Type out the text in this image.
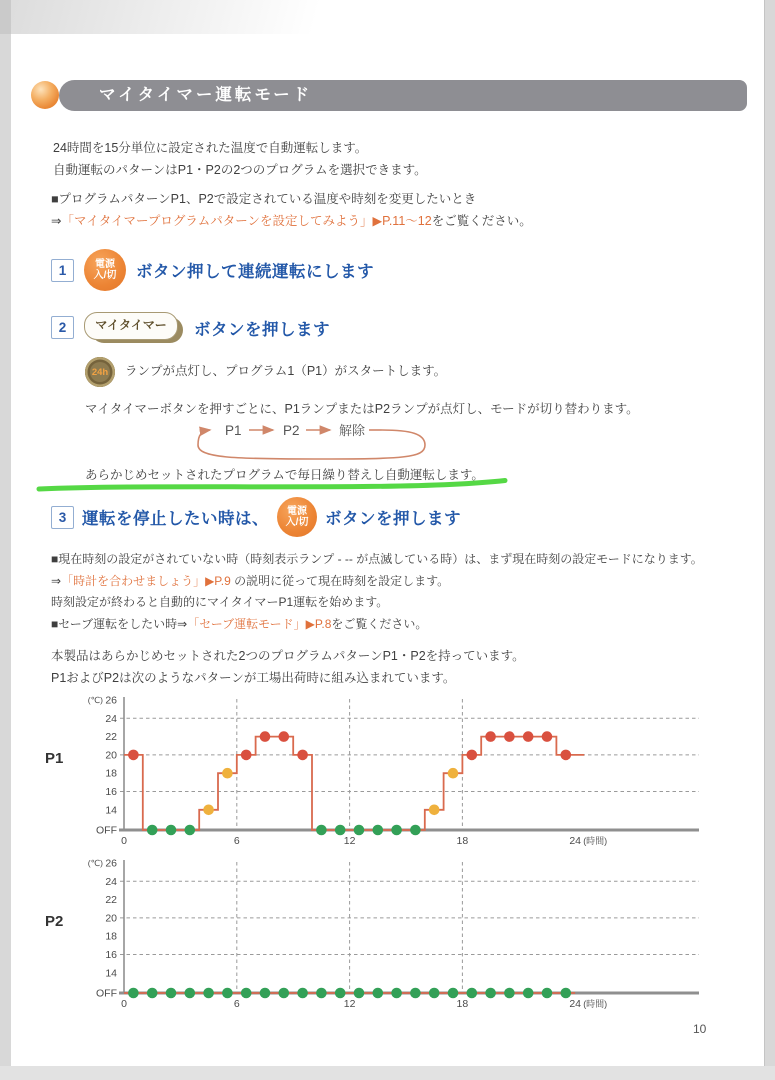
マイタイマー運転モード
24時間を15分単位に設定された温度で自動運転します。
自動運転のパターンはP1・P2の2つのプログラムを選択できます。
■プログラムパターンP1、P2で設定されている温度や時刻を変更したいとき
⇒「マイタイマープログラムパターンを設定してみよう」▶P.11～12をご覧ください。
1	電源
入/切 ボタン押して連続運転にします
2	マイタイマー	ボタンを押します
24h ランプが点灯し、プログラム1（P1）がスタートします。
マイタイマーボタンを押すごとに、P1ランプまたはP2ランプが点灯し、モードが切り替わります。
P1	P2	解除
あらかじめセットされたプログラムで毎日繰り替えし自動運転します。
3 運転を停止したい時は、 電源
入/切 ボタンを押します
■現在時刻の設定がされていない時（時刻表示ランプ - -- が点滅している時）は、まず現在時刻の設定モードになります。
⇒「時計を合わせましょう」▶P.9 の説明に従って現在時刻を設定します。
時刻設定が終わると自動的にマイタイマーP1運転を始めます。
■セーブ運転をしたい時⇒「セーブ運転モード」▶P.8をご覧ください。
本製品はあらかじめセットされた2つのプログラムパターンP1・P2を持っています。
P1およびP2は次のようなパターンが工場出荷時に組み込まれています。
P1
26
(℃)
24
22
20
18
16
14
OFF
0	6	12	18	24 (時間)
P2
26
(℃)
24
22
20
18
16
14
OFF
0	6	12	18	24 (時間)
10
